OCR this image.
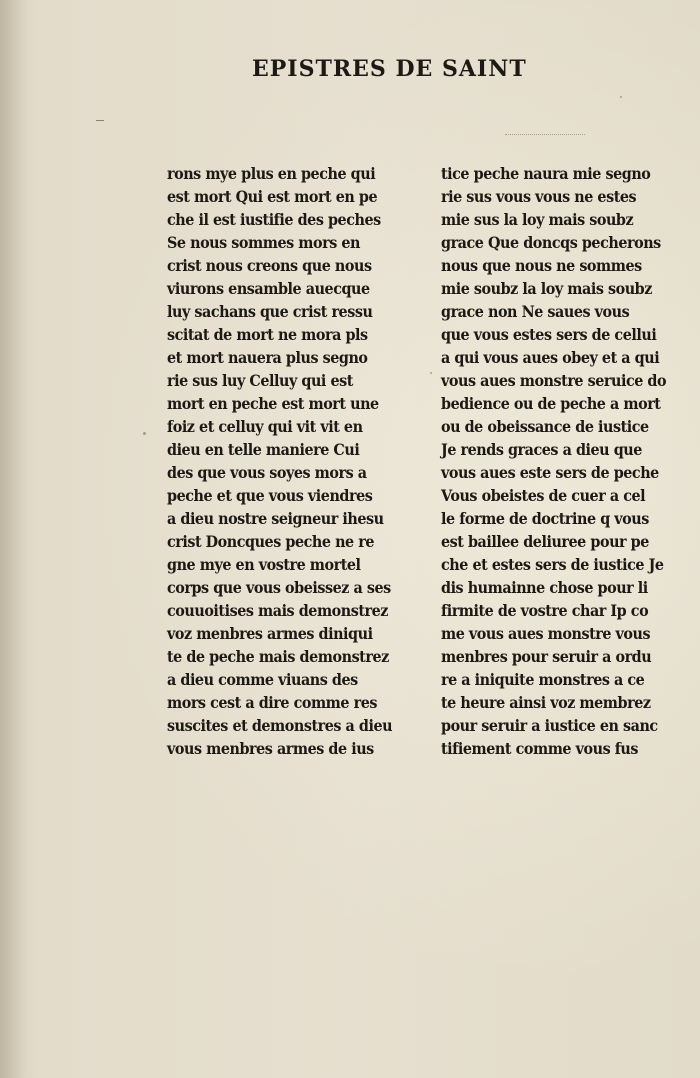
EPISTRES DE SAINT
rons mye plus en peche qui
est mort Qui est mort en pe
che il est iustifie des peches
Se nous sommes mors en
crist nous creons que nous
viurons ensamble auecque
luy sachans que crist ressu
scitat de mort ne mora pls
et mort nauera plus segno
rie sus luy Celluy qui est
mort en peche est mort une
foiz et celluy qui vit vit en
dieu en telle maniere Cui
des que vous soyes mors a
peche et que vous viendres
a dieu nostre seigneur ihesu
crist Doncques peche ne re
gne mye en vostre mortel
corps que vous obeissez a ses
couuoitises mais demonstrez
voz menbres armes diniqui
te de peche mais demonstrez
a dieu comme viuans des
mors cest a dire comme res
suscites et demonstres a dieu
vous menbres armes de ius
tice peche naura mie segno
rie sus vous vous ne estes
mie sus la loy mais soubz
grace Que doncqs pecherons
nous que nous ne sommes
mie soubz la loy mais soubz
grace non Ne saues vous
que vous estes sers de cellui
a qui vous aues obey et a qui
vous aues monstre seruice do
bedience ou de peche a mort
ou de obeissance de iustice
Je rends graces a dieu que
vous aues este sers de peche
Vous obeistes de cuer a cel
le forme de doctrine q vous
est baillee deliuree pour pe
che et estes sers de iustice Je
dis humainne chose pour li
firmite de vostre char Ip co
me vous aues monstre vous
menbres pour seruir a ordu
re a iniquite monstres a ce
te heure ainsi voz membrez
pour seruir a iustice en sanc
tifiement comme vous fus
